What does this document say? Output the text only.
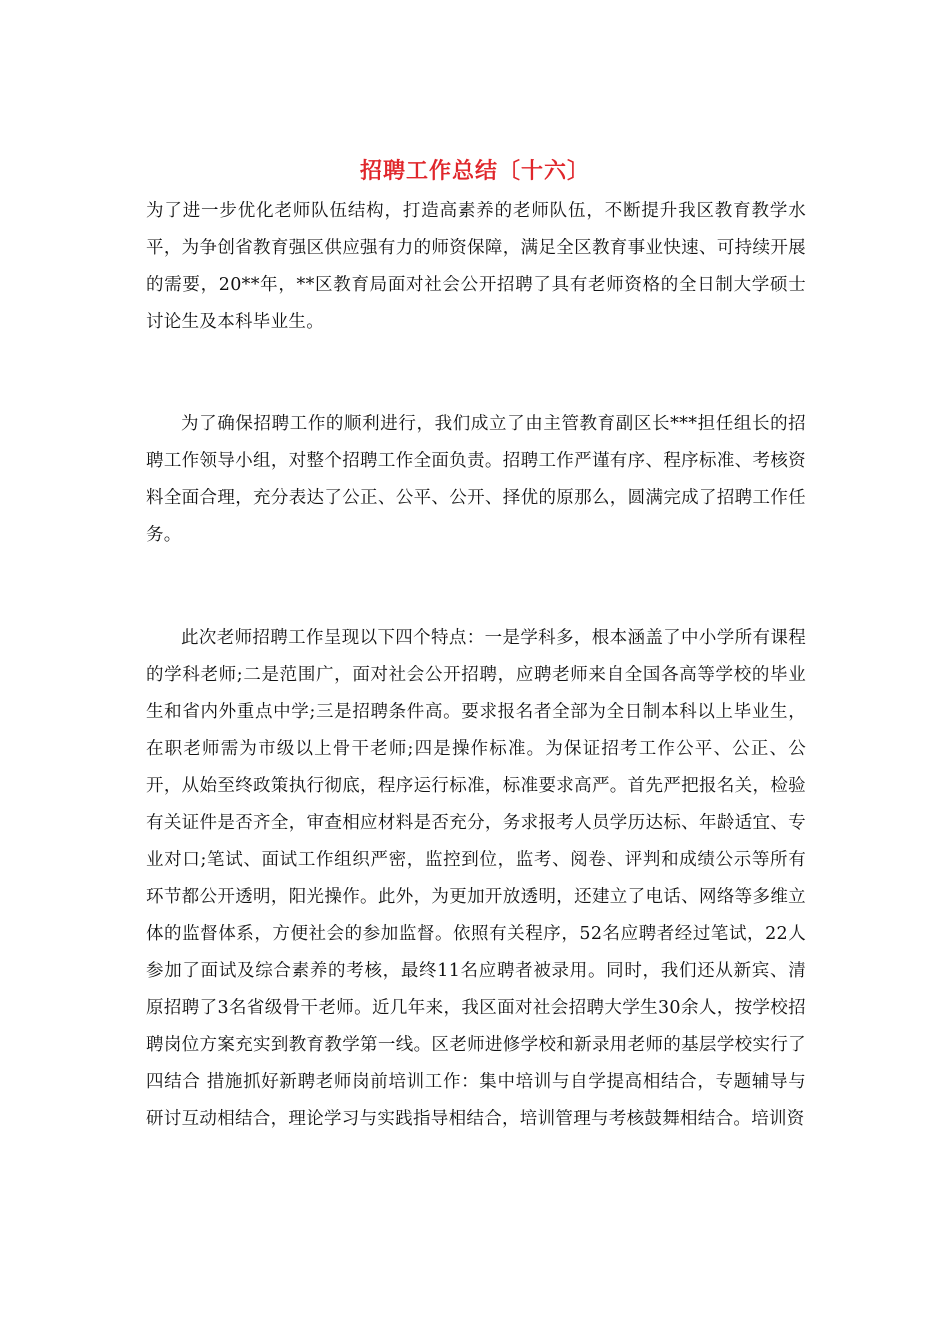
招聘工作总结〔十六〕

为了进一步优化老师队伍结构，打造高素养的老师队伍，不断提升我区教育教学水平，为争创省教育强区供应强有力的师资保障，满足全区教育事业快速、可持续开展的需要，20**年，**区教育局面对社会公开招聘了具有老师资格的全日制大学硕士讨论生及本科毕业生。

为了确保招聘工作的顺利进行，我们成立了由主管教育副区长***担任组长的招聘工作领导小组，对整个招聘工作全面负责。招聘工作严谨有序、程序标准、考核资料全面合理，充分表达了公正、公平、公开、择优的原那么，圆满完成了招聘工作任务。

此次老师招聘工作呈现以下四个特点：一是学科多，根本涵盖了中小学所有课程的学科老师;二是范围广，面对社会公开招聘，应聘老师来自全国各高等学校的毕业生和省内外重点中学;三是招聘条件高。要求报名者全部为全日制本科以上毕业生，在职老师需为市级以上骨干老师;四是操作标准。为保证招考工作公平、公正、公开，从始至终政策执行彻底，程序运行标准，标准要求高严。首先严把报名关，检验有关证件是否齐全，审查相应材料是否充分，务求报考人员学历达标、年龄适宜、专业对口;笔试、面试工作组织严密，监控到位，监考、阅卷、评判和成绩公示等所有环节都公开透明，阳光操作。此外，为更加开放透明，还建立了电话、网络等多维立体的监督体系，方便社会的参加监督。依照有关程序，52名应聘者经过笔试，22人参加了面试及综合素养的考核，最终11名应聘者被录用。同时，我们还从新宾、清原招聘了3名省级骨干老师。近几年来，我区面对社会招聘大学生30余人，按学校招聘岗位方案充实到教育教学第一线。区老师进修学校和新录用老师的基层学校实行了 四结合 措施抓好新聘老师岗前培训工作：集中培训与自学提高相结合，专题辅导与研讨互动相结合，理论学习与实践指导相结合，培训管理与考核鼓舞相结合。培训资
